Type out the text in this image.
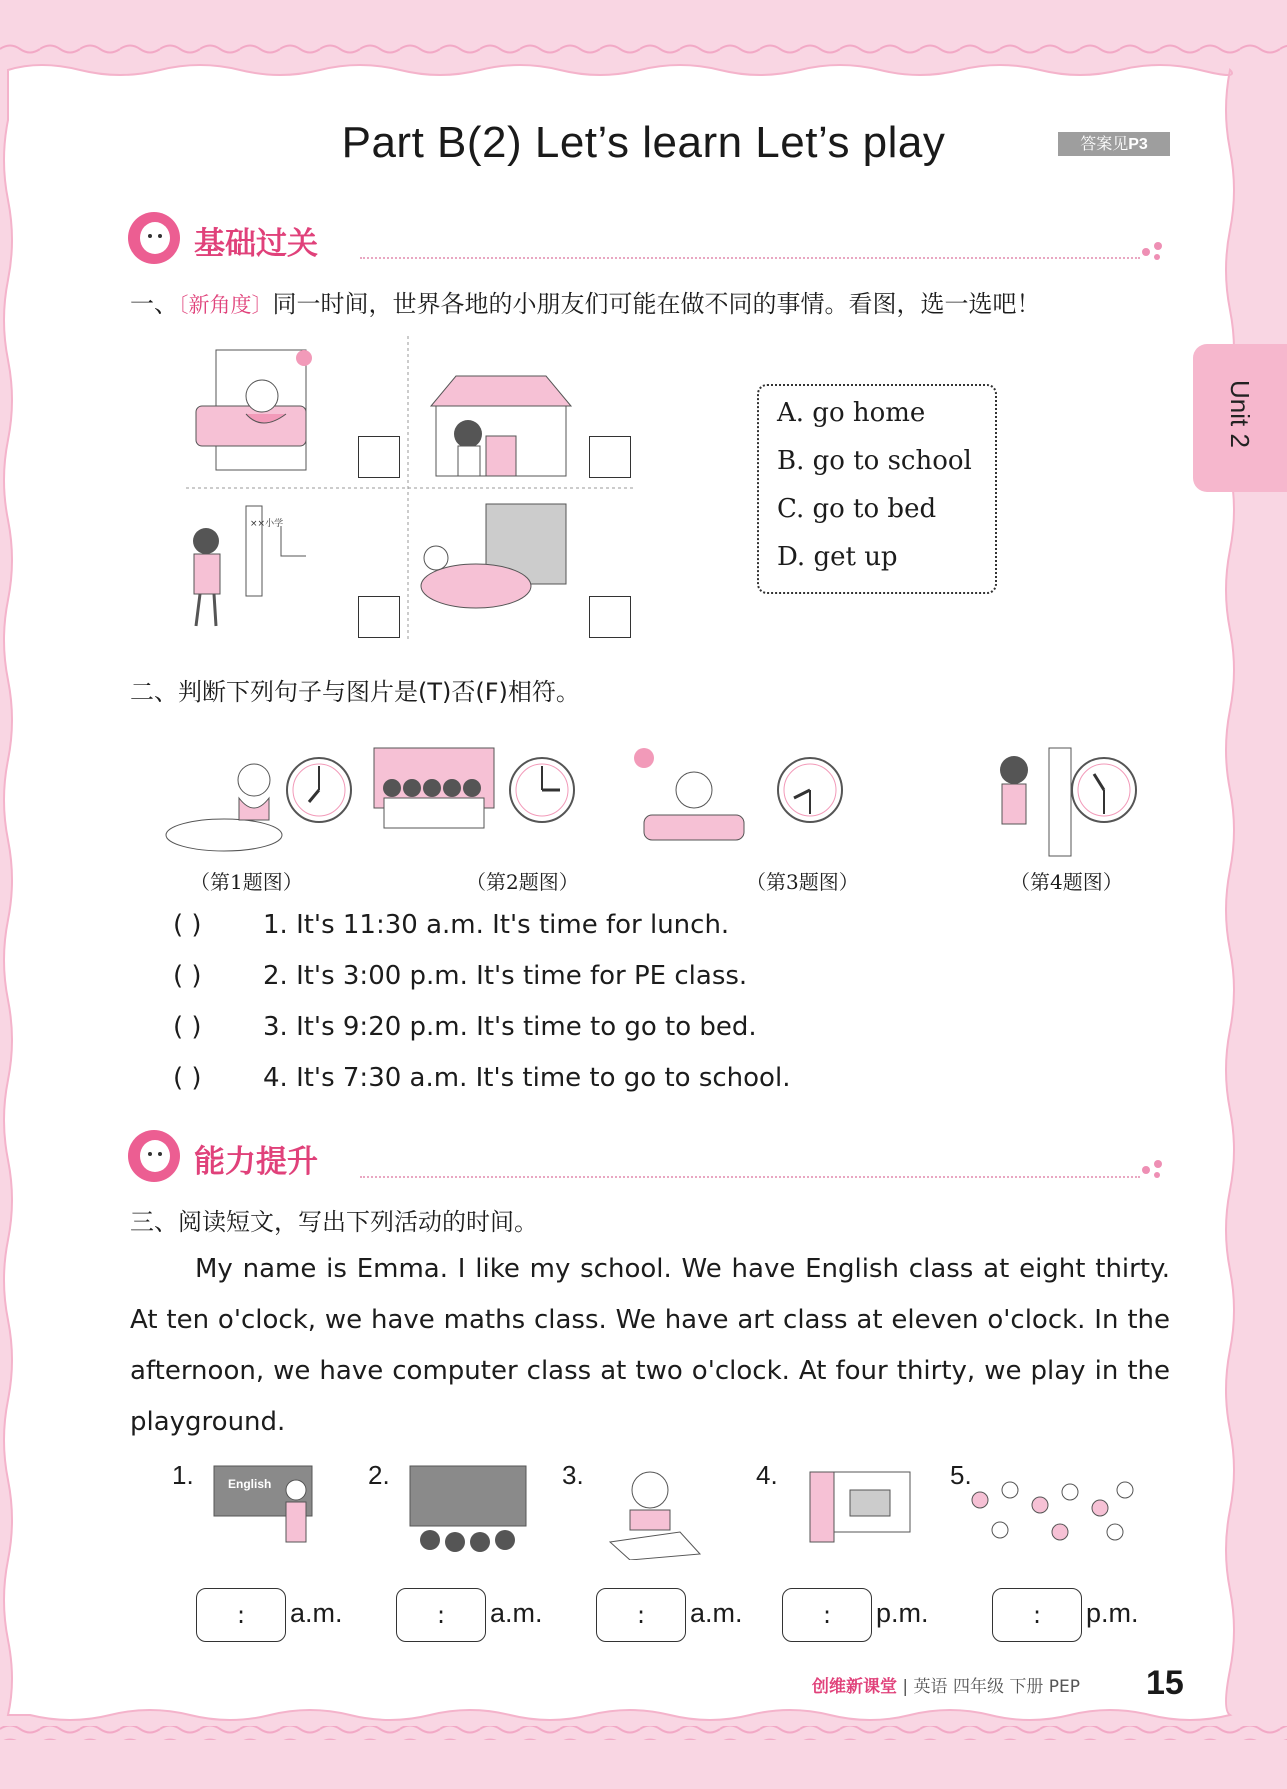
Part B(2) Let’s learn Let’s play	答案见P3
Unit 2
基础过关
一、〔新角度〕同一时间，世界各地的小朋友们可能在做不同的事情。看图，选一选吧！
××小学
A. go home
B. go to school
C. go to bed
D. get up
二、判断下列句子与图片是(T)否(F)相符。
（第1题图）	（第2题图）	（第3题图）	（第4题图）
( ) 1. It's 11:30 a.m. It's time for lunch.
( ) 2. It's 3:00 p.m. It's time for PE class.
( ) 3. It's 9:20 p.m. It's time to go to bed.
( ) 4. It's 7:30 a.m. It's time to go to school.
能力提升
三、阅读短文，写出下列活动的时间。
My name is Emma. I like my school. We have English class at eight thirty. At ten o'clock, we have maths class. We have art class at eleven o'clock. In the afternoon, we have computer class at two o'clock. At four thirty, we play in the playground.
1.	2.	3.	4.	5.
English
:	a.m.	:	a.m.	:	a.m.	:	p.m.	:	p.m.
创维新课堂 | 英语 四年级 下册 PEP 15
